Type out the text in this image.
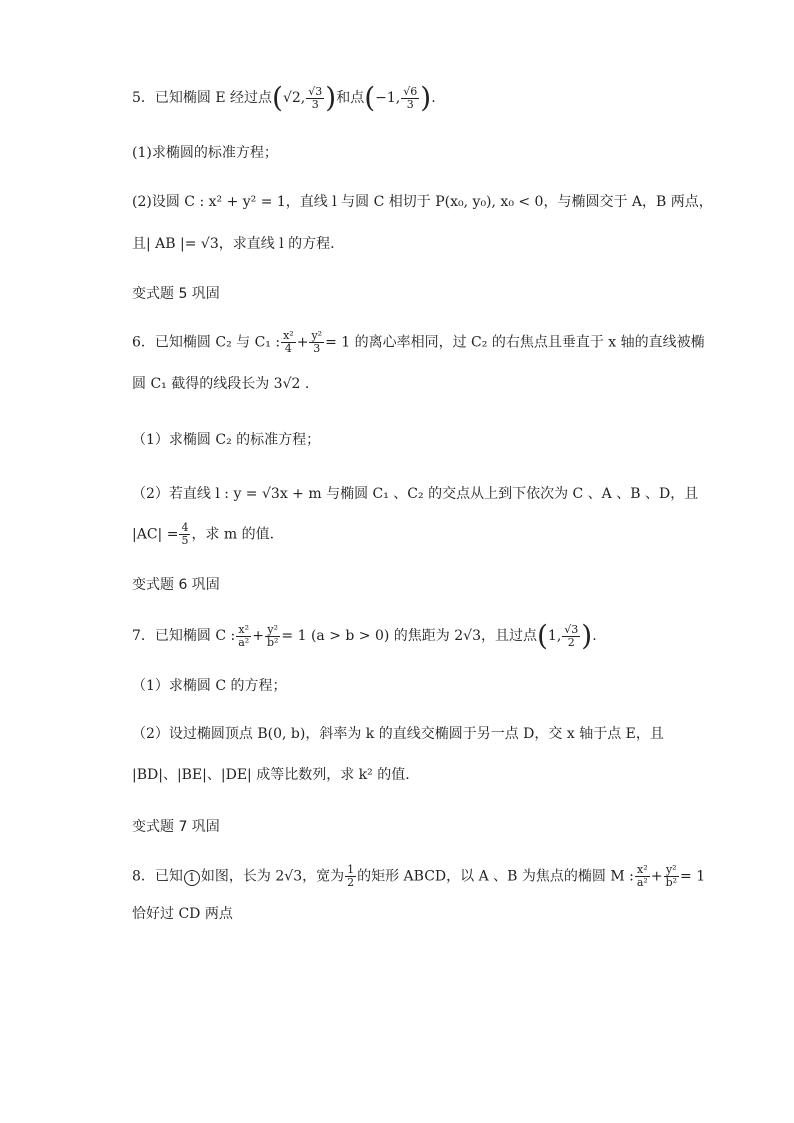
5．已知椭圆 E 经过点(√2, $\frac{√3}{3}$ )和点(−1, $\frac{√6}{3}$ ).
(1)求椭圆的标准方程；
(2)设圆 C : x² + y² = 1，直线 l 与圆 C 相切于 P(x₀, y₀), x₀ < 0，与椭圆交于 A，B 两点，
且| AB |= √3，求直线 l 的方程.
变式题 5 巩固
6．已知椭圆 C₂ 与 C₁ : $\frac{\text{x²}}{4} + \frac{\text{y²}}{3} = 1$ 的离心率相同，过 C₂ 的右焦点且垂直于 x 轴的直线被椭
圆 C₁ 截得的线段长为 3√2 .
（1）求椭圆 C₂ 的标准方程；
（2）若直线 l : y = √3x + m 与椭圆 C₁ 、C₂ 的交点从上到下依次为 C 、A 、B 、D，且
$|AC| = \frac{4}{5}$ ，求 m 的值.
变式题 6 巩固
7．已知椭圆 C : $\frac{\text{x²}}{\text{a²}} + \frac{\text{y²}}{\text{b²}} = 1$ (a > b > 0) 的焦距为 2√3，且过点(1, $\frac{√3}{2}$ ).
（1）求椭圆 C 的方程；
（2）设过椭圆顶点 B(0, b)，斜率为 k 的直线交椭圆于另一点 D，交 x 轴于点 E，且
|BD|、|BE|、|DE| 成等比数列，求 k² 的值.
变式题 7 巩固
8．已知 1 如图，长为 2√3，宽为 $\frac{1}{2}$ 的矩形 ABCD，以 A 、B 为焦点的椭圆 M : $\frac{\text{x²}}{\text{a²}} + \frac{\text{y²}}{\text{b²}} = 1$
恰好过 CD 两点
